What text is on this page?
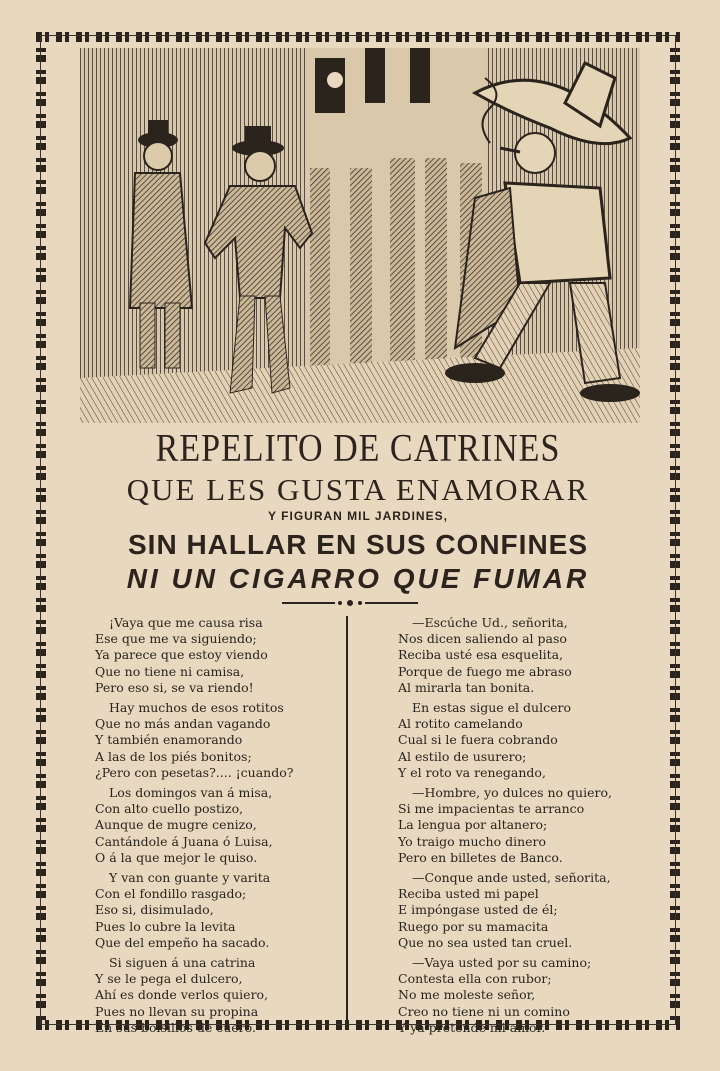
REPELITO DE CATRINES
QUE LES GUSTA ENAMORAR
Y FIGURAN MIL JARDINES,
SIN HALLAR EN SUS CONFINES
NI UN CIGARRO QUE FUMAR
¡Vaya que me causa risa
Ese que me va siguiendo;
Ya parece que estoy viendo
Que no tiene ni camisa,
Pero eso si, se va riendo!
Hay muchos de esos rotitos
Que no más andan vagando
Y también enamorando
A las de los piés bonitos;
¿Pero con pesetas?.... ¡cuando?
Los domingos van á misa,
Con alto cuello postizo,
Aunque de mugre cenizo,
Cantándole á Juana ó Luisa,
O á la que mejor le quiso.
Y van con guante y varita
Con el fondillo rasgado;
Eso si, disimulado,
Pues lo cubre la levita
Que del empeño ha sacado.
Si siguen á una catrina
Y se le pega el dulcero,
Ahí es donde verlos quiero,
Pues no llevan su propina
En sus bolsillos de cuero.
—Escúche Ud., señorita,
Nos dicen saliendo al paso
Reciba usté esa esquelita,
Porque de fuego me abraso
Al mirarla tan bonita.
En estas sigue el dulcero
Al rotito camelando
Cual si le fuera cobrando
Al estilo de usurero;
Y el roto va renegando,
—Hombre, yo dulces no quiero,
Si me impacientas te arranco
La lengua por altanero;
Yo traigo mucho dinero
Pero en billetes de Banco.
—Conque ande usted, señorita,
Reciba usted mi papel
E impóngase usted de él;
Ruego por su mamacita
Que no sea usted tan cruel.
—Vaya usted por su camino;
Contesta ella con rubor;
No me moleste señor,
Creo no tiene ni un comino
Y ya pretende mi amor.
